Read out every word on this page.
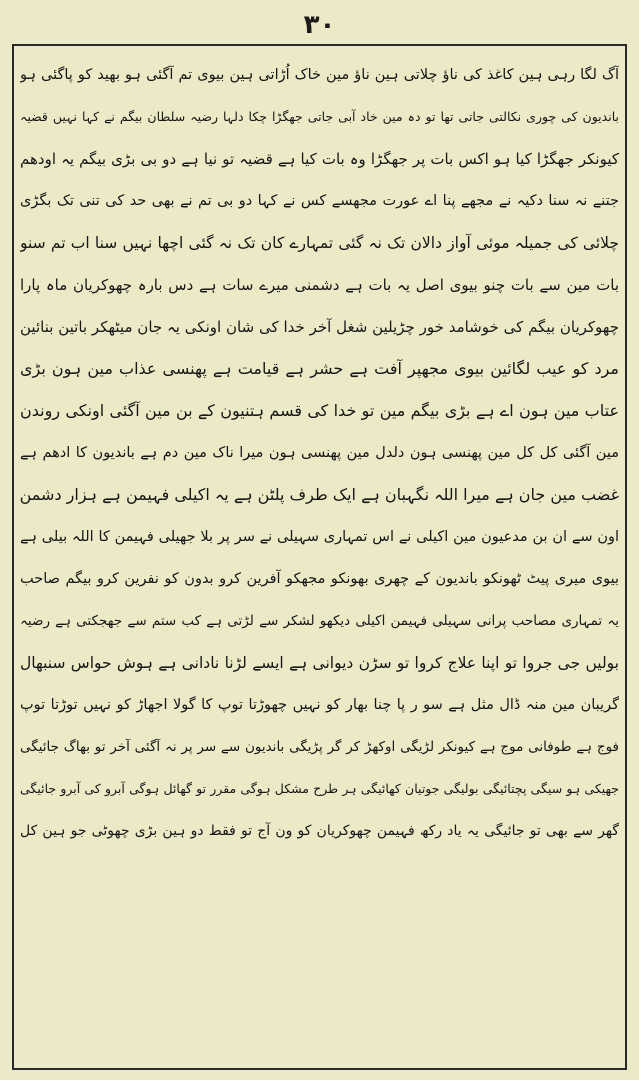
۳۰
آگ لگا رہی ہین کاغذ کی ناؤ چلاتی ہین ناؤ مین خاک اُڑاتی ہین بیوی تم آگئی ہو بھید کو پاگئی ہو
باندیون کی چوری نکالتی جاتی تھا تو دہ مین خاد آبی جاتی جھگڑا چکا دلہا رضیہ سلطان بیگم نے کہا نہیں قضیہ
کیونکر جھگڑا کیا ہو اکس بات پر جھگڑا وہ بات کیا ہے قضیہ تو نیا ہے دو بی بڑی بیگم یہ اودھم
جتنے نہ سنا دکیہ نے مجھے پنا اے عورت مجھسے کس نے کہا دو بی تم نے بھی حد کی تنی تک بگڑی
چلائی کی جمیلہ موئی آواز دالان تک نہ گئی تمہارے کان تک نہ گئی اچھا نہیں سنا اب تم سنو
بات مین سے بات چنو بیوی اصل یہ بات ہے دشمنی میرے سات ہے دس بارہ چھوکریان ماہ پارا
چھوکریان بیگم کی خوشامد خور چڑیلین شغل آخر خدا کی شان اونکی یہ جان میٹھکر باتین بنائین
مرد کو عیب لگائین بیوی مجھپر آفت ہے حشر ہے قیامت ہے پھنسی عذاب مین ہون بڑی
عتاب مین ہون اے ہے بڑی بیگم مین تو خدا کی قسم ہتنیون کے بن مین آگئی اونکی روندن
مین آگئی کل کل مین پھنسی ہون دلدل مین پھنسی ہون میرا ناک مین دم ہے باندیون کا ادھم ہے
غضب مین جان ہے میرا اللہ نگہبان ہے ایک طرف پلٹن ہے یہ اکیلی فہیمن ہے ہزار دشمن
اون سے ان بن مدعیون مین اکیلی نے اس تمہاری سہیلی نے سر پر بلا جھیلی فہیمن کا اللہ بیلی ہے
بیوی میری پیٹ ٹھونکو باندیون کے چھری بھونکو مجھکو آفرین کرو بدون کو نفرین کرو بیگم صاحب
یہ تمہاری مصاحب پرانی سہیلی فہیمن اکیلی دیکھو لشکر سے لڑتی ہے کب ستم سے جھجکتی ہے رضیہ
بولیں جی جروا تو اپنا علاج کروا تو سڑن دیوانی ہے ایسے لڑنا نادانی ہے ہوش حواس سنبھال
گریبان مین منہ ڈال مثل ہے سو ر پا چنا بھار کو نہیں چھوڑتا توپ کا گولا اجھاڑ کو نہیں توڑتا توپ
فوج ہے طوفانی موج ہے کیونکر لڑیگی اوکھڑ کر گر پڑیگی باندیون سے سر پر نہ آگئی آخر تو بھاگ جائیگی
جھیکی ہو سیگی پچتائیگی بولیگی جوتیان کھائیگی ہر طرح مشکل ہوگی مقرر تو گھائل ہوگی آبرو کی آبرو جائیگی
گھر سے بھی تو جائیگی یہ یاد رکھ فہیمن چھوکریان کو ون آج تو فقط دو ہین بڑی چھوٹی جو ہین کل
